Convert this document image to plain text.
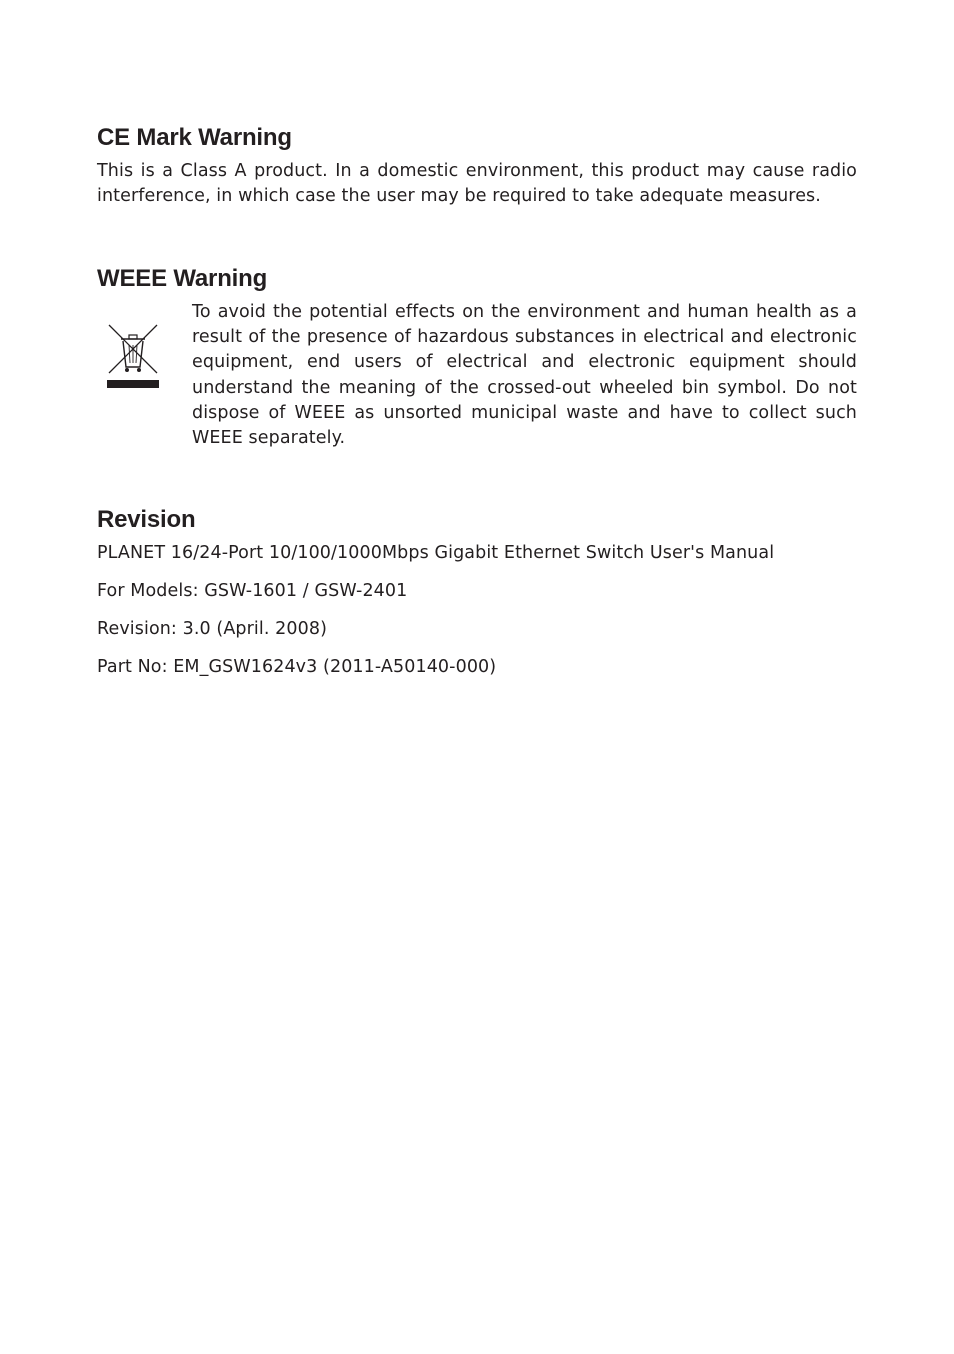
CE Mark Warning

This is a Class A product. In a domestic environment, this product may cause radio interference, in which case the user may be required to take adequate measures.

WEEE Warning

To avoid the potential effects on the environment and human health as a result of the presence of hazardous substances in electrical and electronic equipment, end users of electrical and electronic equipment should understand the meaning of the crossed-out wheeled bin symbol. Do not dispose of WEEE as unsorted municipal waste and have to collect such WEEE separately.

Revision
PLANET 16/24-Port 10/100/1000Mbps Gigabit Ethernet Switch User's Manual
For Models: GSW-1601 / GSW-2401
Revision: 3.0 (April. 2008)
Part No: EM_GSW1624v3 (2011-A50140-000)
